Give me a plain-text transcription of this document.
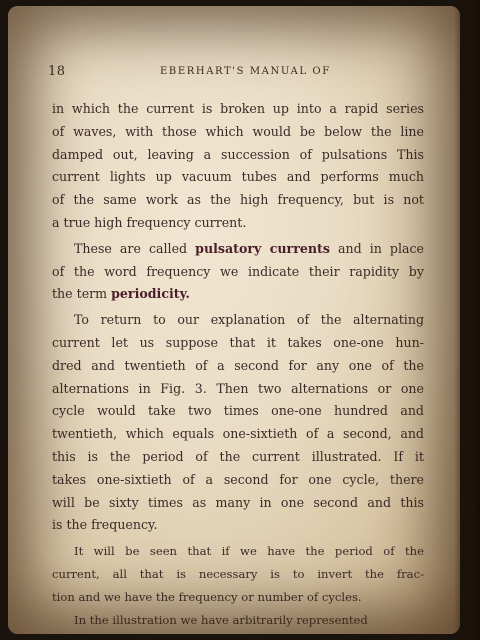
18	EBERHART'S MANUAL OF
in which the current is broken up into a rapid series
of waves, with those which would be below the line
damped out, leaving a succession of pulsations This
current lights up vacuum tubes and performs much
of the same work as the high frequency, but is not
a true high frequency current.
These are called pulsatory currents and in place
of the word frequency we indicate their rapidity by
the term periodicity.
To return to our explanation of the alternating
current let us suppose that it takes one-one hun-
dred and twentieth of a second for any one of the
alternations in Fig. 3. Then two alternations or one
cycle would take two times one-one hundred and
twentieth, which equals one-sixtieth of a second, and
this is the period of the current illustrated. If it
takes one-sixtieth of a second for one cycle, there
will be sixty times as many in one second and this
is the frequency.
It will be seen that if we have the period of the
current, all that is necessary is to invert the frac-
tion and we have the frequency or number of cycles.
In the illustration we have arbitrarily represented
